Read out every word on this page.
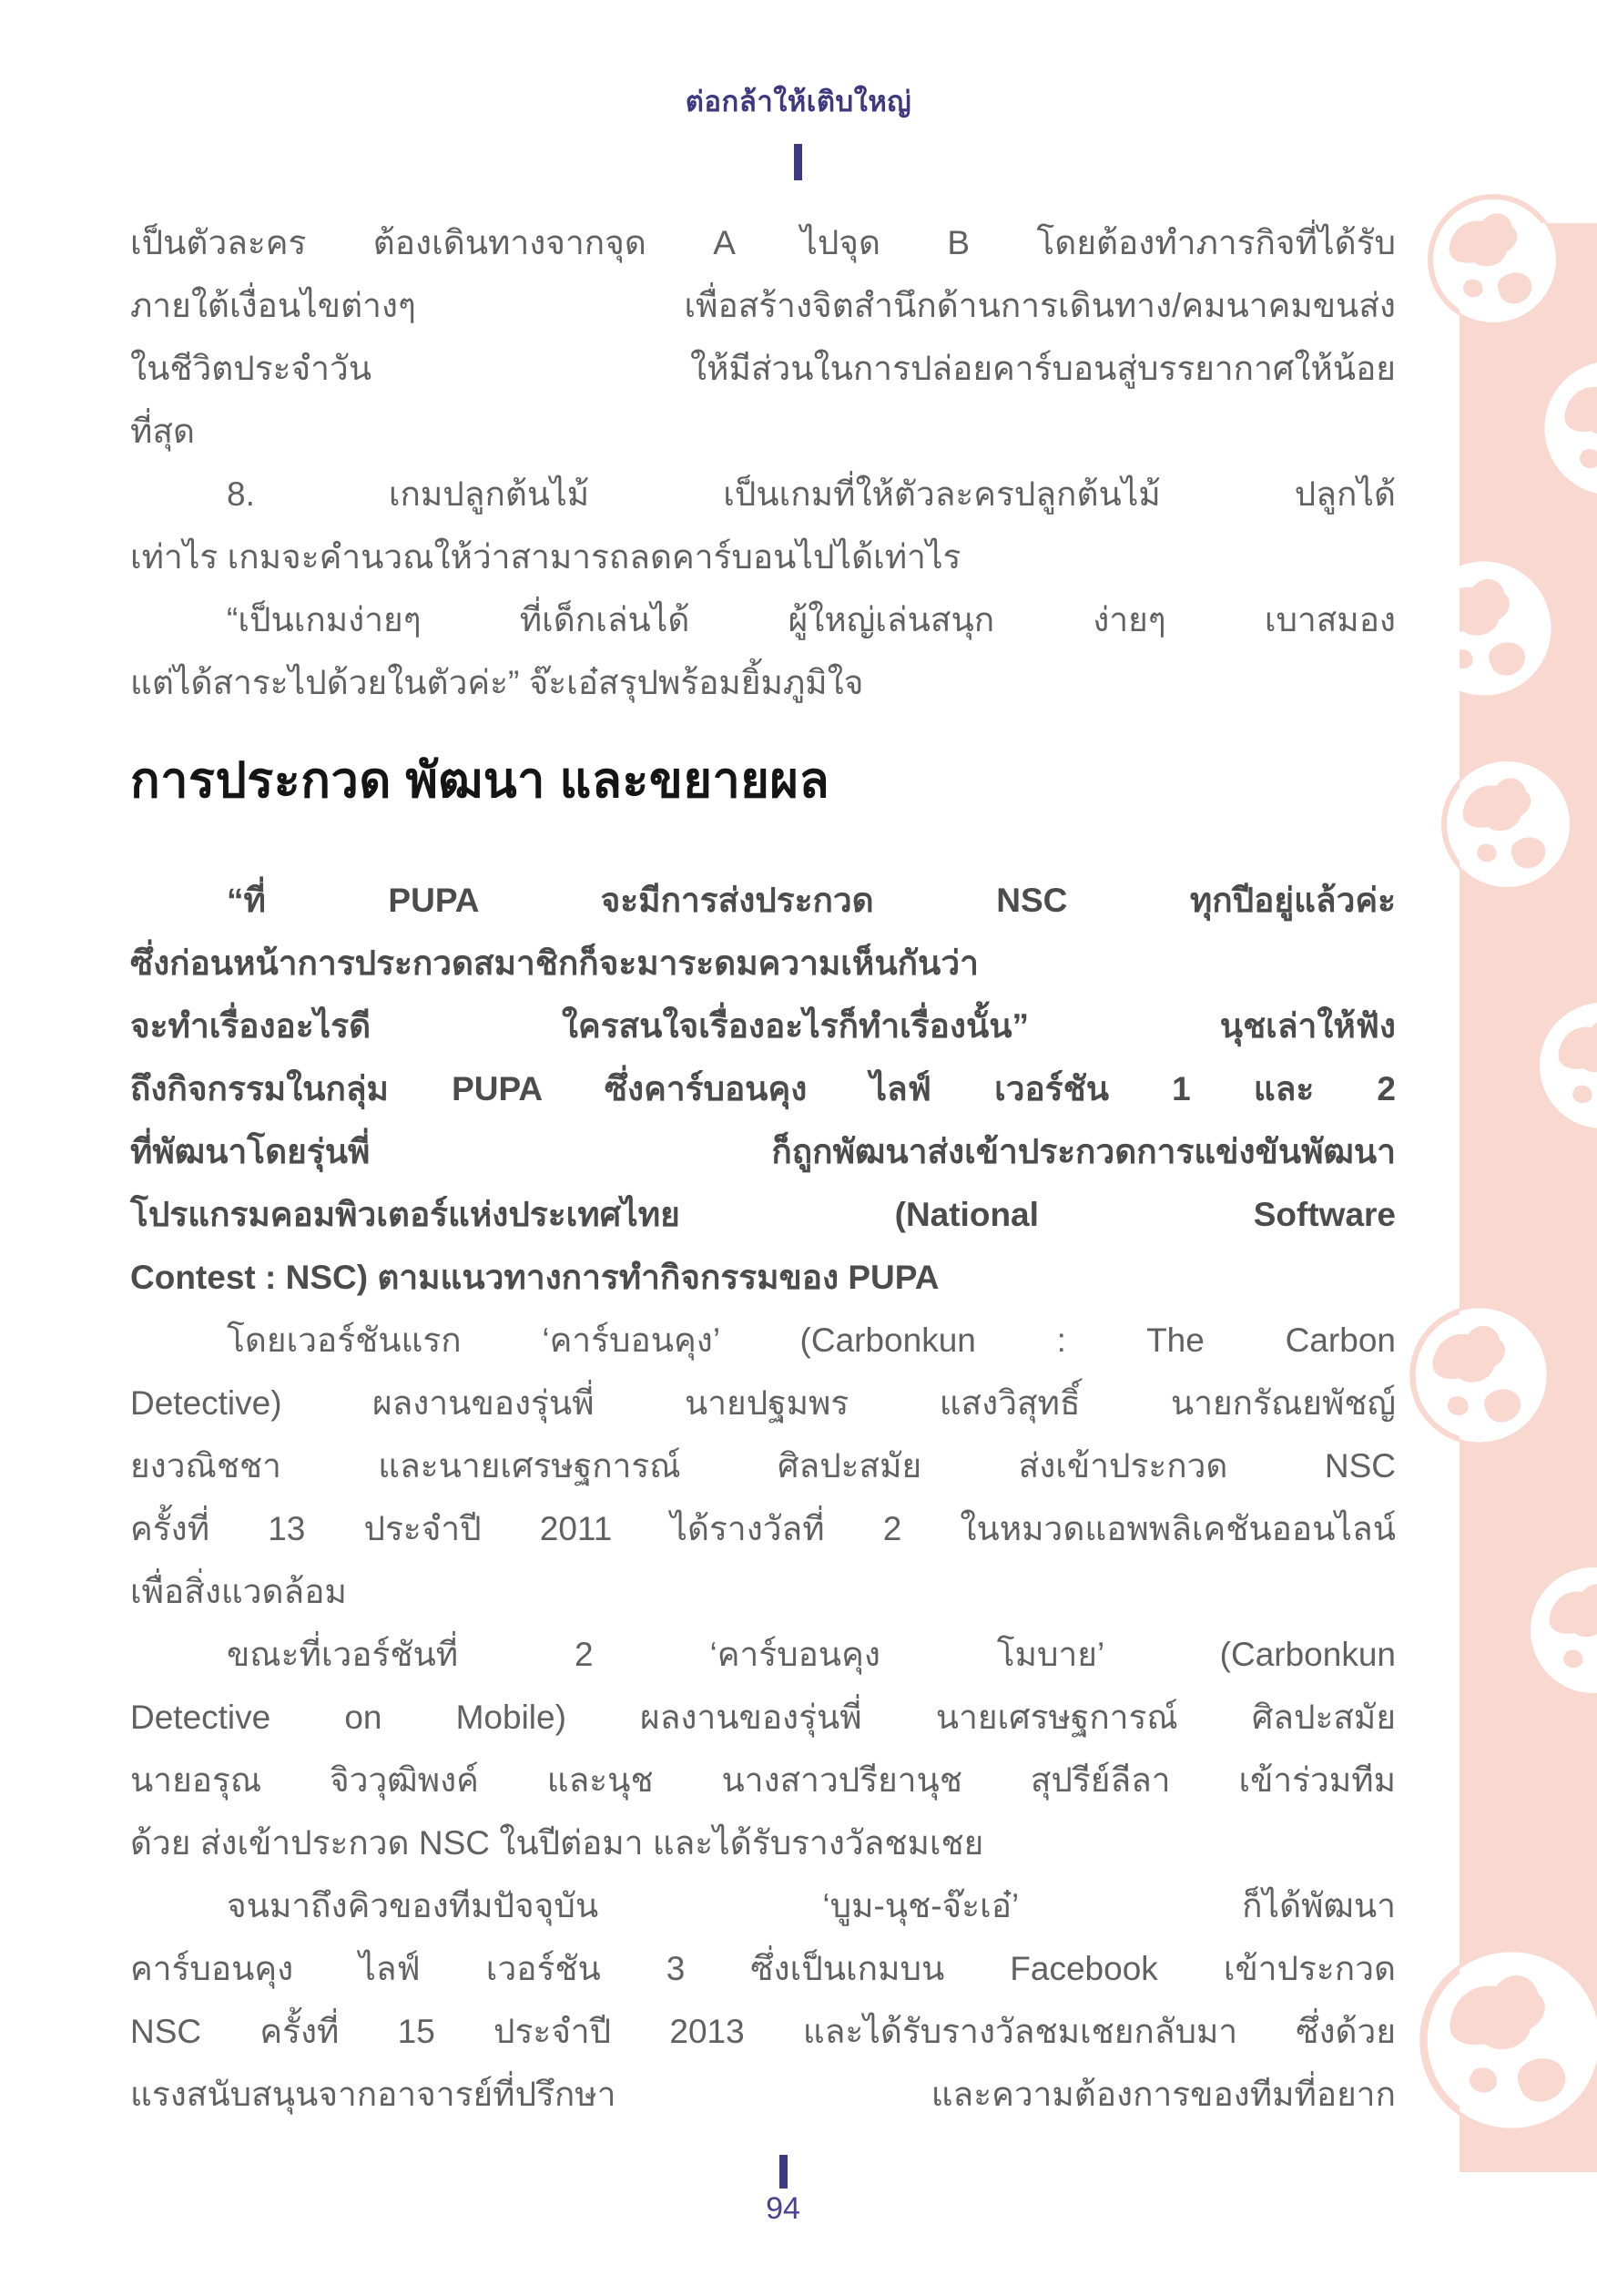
ต่อกล้าให้เติบใหญ่
เป็นตัวละคร ต้องเดินทางจากจุด A ไปจุด B โดยต้องทำภารกิจที่ได้รับ
ภายใต้เงื่อนไขต่างๆ เพื่อสร้างจิตสำนึกด้านการเดินทาง/คมนาคมขนส่ง
ในชีวิตประจำวัน ให้มีส่วนในการปล่อยคาร์บอนสู่บรรยากาศให้น้อย
ที่สุด
8. เกมปลูกต้นไม้ เป็นเกมที่ให้ตัวละครปลูกต้นไม้ ปลูกได้
เท่าไร เกมจะคำนวณให้ว่าสามารถลดคาร์บอนไปได้เท่าไร
“เป็นเกมง่ายๆ ที่เด็กเล่นได้ ผู้ใหญ่เล่นสนุก ง่ายๆ เบาสมอง
แต่ได้สาระไปด้วยในตัวค่ะ” จ๊ะเอ๋สรุปพร้อมยิ้มภูมิใจ
การประกวด พัฒนา และขยายผล
“ที่ PUPA จะมีการส่งประกวด NSC ทุกปีอยู่แล้วค่ะ
ซึ่งก่อนหน้าการประกวดสมาชิกก็จะมาระดมความเห็นกันว่า
จะทำเรื่องอะไรดี ใครสนใจเรื่องอะไรก็ทำเรื่องนั้น” นุชเล่าให้ฟัง
ถึงกิจกรรมในกลุ่ม PUPA ซึ่งคาร์บอนคุง ไลฟ์ เวอร์ชัน 1 และ 2
ที่พัฒนาโดยรุ่นพี่ ก็ถูกพัฒนาส่งเข้าประกวดการแข่งขันพัฒนา
โปรแกรมคอมพิวเตอร์แห่งประเทศไทย (National Software
Contest : NSC) ตามแนวทางการทำกิจกรรมของ PUPA
โดยเวอร์ชันแรก ‘คาร์บอนคุง’ (Carbonkun : The Carbon
Detective) ผลงานของรุ่นพี่ นายปฐมพร แสงวิสุทธิ์ นายกรัณยพัชญ์
ยงวณิชชา และนายเศรษฐการณ์ ศิลปะสมัย ส่งเข้าประกวด NSC
ครั้งที่ 13 ประจำปี 2011 ได้รางวัลที่ 2 ในหมวดแอพพลิเคชันออนไลน์
เพื่อสิ่งแวดล้อม
ขณะที่เวอร์ชันที่ 2 ‘คาร์บอนคุง โมบาย’ (Carbonkun
Detective on Mobile) ผลงานของรุ่นพี่ นายเศรษฐการณ์ ศิลปะสมัย
นายอรุณ จิววุฒิพงค์ และนุช นางสาวปรียานุช สุปรีย์ลีลา เข้าร่วมทีม
ด้วย ส่งเข้าประกวด NSC ในปีต่อมา และได้รับรางวัลชมเชย
จนมาถึงคิวของทีมปัจจุบัน ‘บูม-นุช-จ๊ะเอ๋’ ก็ได้พัฒนา
คาร์บอนคุง ไลฟ์ เวอร์ชัน 3 ซึ่งเป็นเกมบน Facebook เข้าประกวด
NSC ครั้งที่ 15 ประจำปี 2013 และได้รับรางวัลชมเชยกลับมา ซึ่งด้วย
แรงสนับสนุนจากอาจารย์ที่ปรึกษา และความต้องการของทีมที่อยาก
94
